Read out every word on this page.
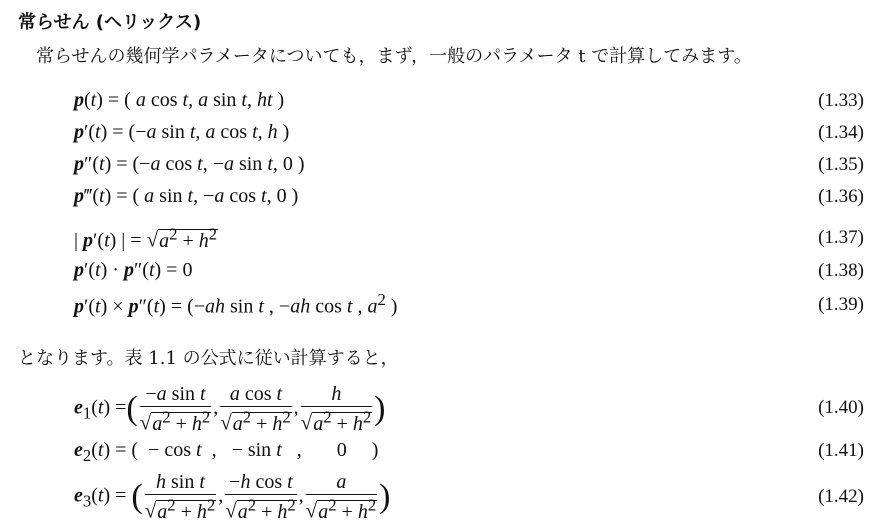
常らせん (ヘリックス)
常らせんの幾何学パラメータについても，まず，一般のパラメータ t で計算してみます。
p(t) = ( a cos t, a sin t, ht )	(1.33)
p′(t) = (−a sin t, a cos t, h )	(1.34)
p″(t) = (−a cos t, −a sin t, 0 )	(1.35)
p‴(t) = ( a sin t, −a cos t, 0 )	(1.36)
| p′(t) | = $√a^2 + h^2$	(1.37)
p′(t) · p″(t) = 0	(1.38)
p′(t) × p″(t) = (−ah sin t , −ah cos t , $a^2$ )	(1.39)
となります。表 1.1 の公式に従い計算すると，
$e_1(t)$ =( $\frac{\text{−a sin t}}{√a^2 + h^2}$ , $\frac{\text{a cos t}}{√a^2 + h^2}$ , $\frac{h}{√a^2 + h^2}$ )	(1.40)
$e_2(t)$ = (  − cos t  ,   − sin t   ,       0     )	(1.41)
$e_3(t)$ = ( $\frac{\text{h sin t}}{√a^2 + h^2}$ , $\frac{\text{−h cos t}}{√a^2 + h^2}$ , $\frac{a}{√a^2 + h^2}$ )	(1.42)
